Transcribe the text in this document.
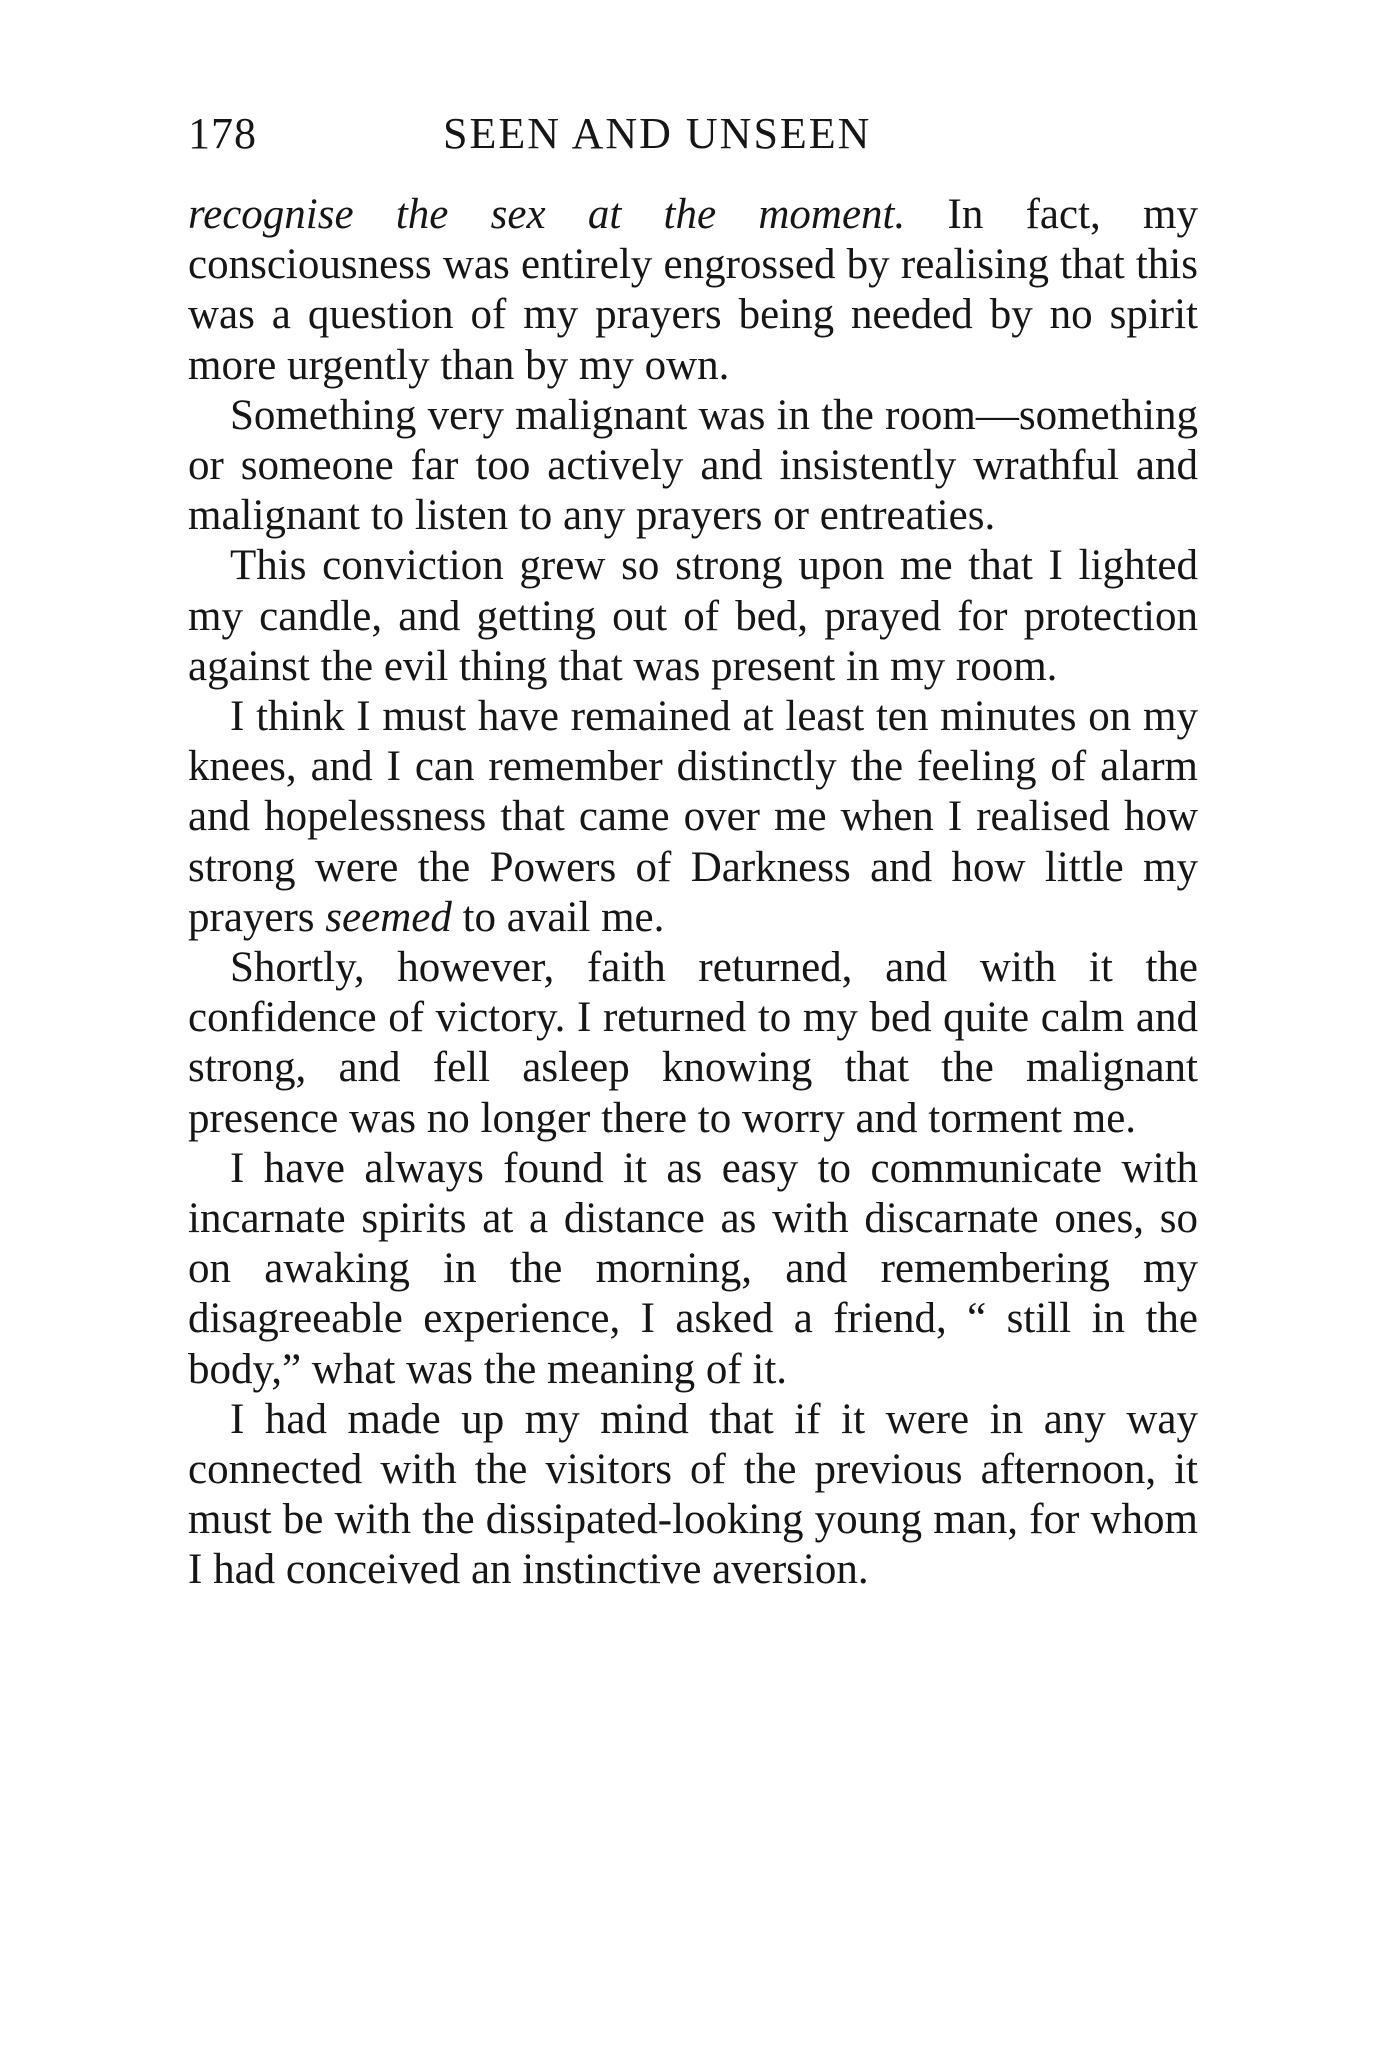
178	SEEN AND UNSEEN

recognise the sex at the moment. In fact, my consciousness was entirely engrossed by realising that this was a question of my prayers being needed by no spirit more urgently than by my own.

Something very malignant was in the room—something or someone far too actively and insistently wrathful and malignant to listen to any prayers or entreaties.

This conviction grew so strong upon me that I lighted my candle, and getting out of bed, prayed for protection against the evil thing that was present in my room.

I think I must have remained at least ten minutes on my knees, and I can remember distinctly the feeling of alarm and hopelessness that came over me when I realised how strong were the Powers of Darkness and how little my prayers seemed to avail me.

Shortly, however, faith returned, and with it the confidence of victory. I returned to my bed quite calm and strong, and fell asleep knowing that the malignant presence was no longer there to worry and torment me.

I have always found it as easy to communicate with incarnate spirits at a distance as with discarnate ones, so on awaking in the morning, and remembering my disagreeable experience, I asked a friend, “ still in the body,” what was the meaning of it.

I had made up my mind that if it were in any way connected with the visitors of the previous afternoon, it must be with the dissipated-looking young man, for whom I had conceived an instinctive aversion.
